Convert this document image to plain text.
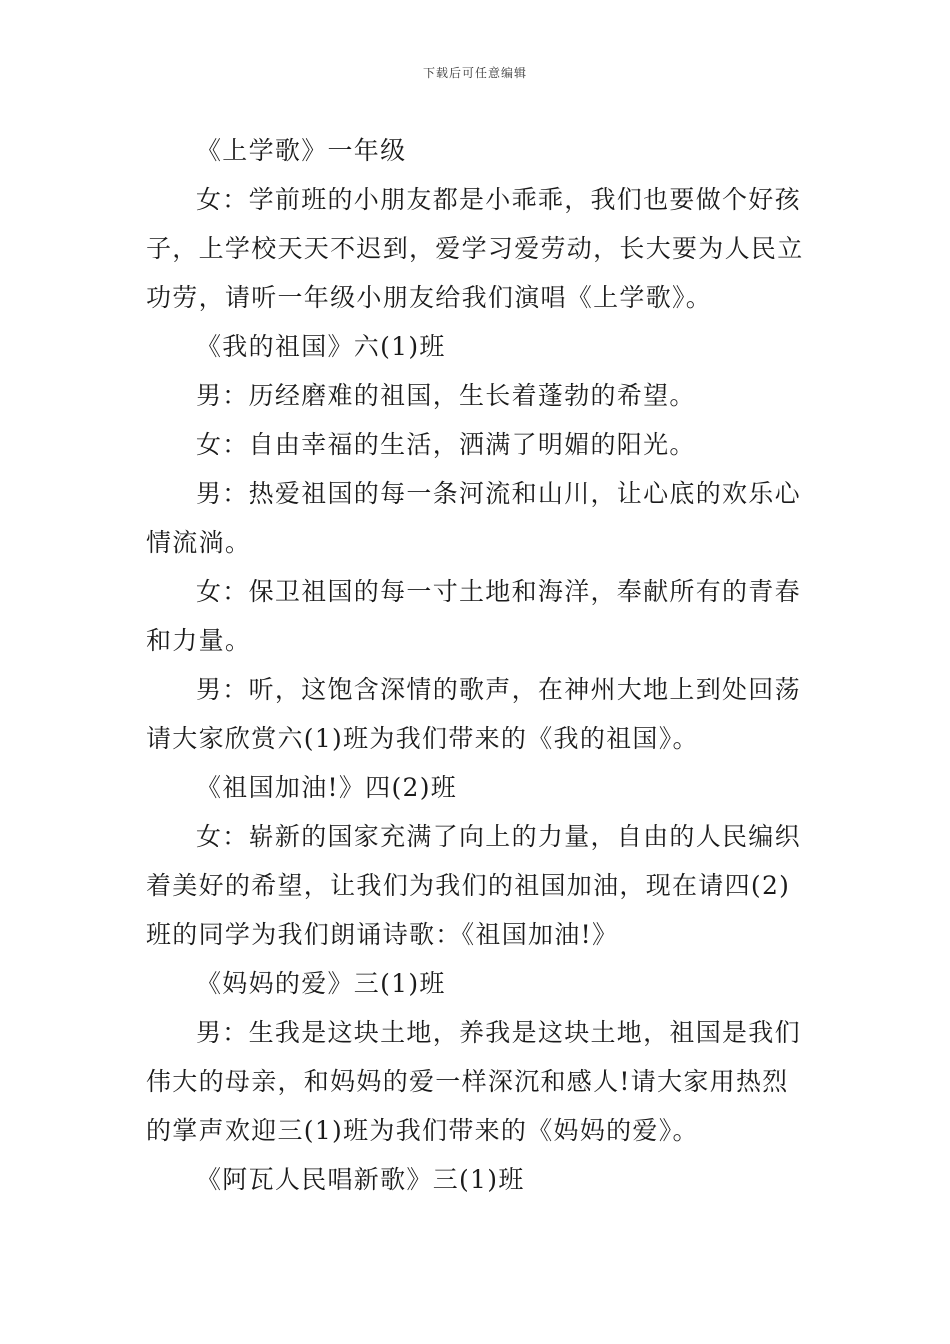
下载后可任意编辑

《上学歌》一年级

女：学前班的小朋友都是小乖乖，我们也要做个好孩子，上学校天天不迟到，爱学习爱劳动，长大要为人民立功劳，请听一年级小朋友给我们演唱《上学歌》。

《我的祖国》六(1)班

男：历经磨难的祖国，生长着蓬勃的希望。

女：自由幸福的生活，洒满了明媚的阳光。

男：热爱祖国的每一条河流和山川，让心底的欢乐心情流淌。

女：保卫祖国的每一寸土地和海洋，奉献所有的青春和力量。

男：听，这饱含深情的歌声，在神州大地上到处回荡请大家欣赏六(1)班为我们带来的《我的祖国》。

《祖国加油!》四(2)班

女：崭新的国家充满了向上的力量，自由的人民编织着美好的希望，让我们为我们的祖国加油，现在请四(2)班的同学为我们朗诵诗歌：《祖国加油!》

《妈妈的爱》三(1)班

男：生我是这块土地，养我是这块土地，祖国是我们伟大的母亲，和妈妈的爱一样深沉和感人!请大家用热烈的掌声欢迎三(1)班为我们带来的《妈妈的爱》。

《阿瓦人民唱新歌》三(1)班
